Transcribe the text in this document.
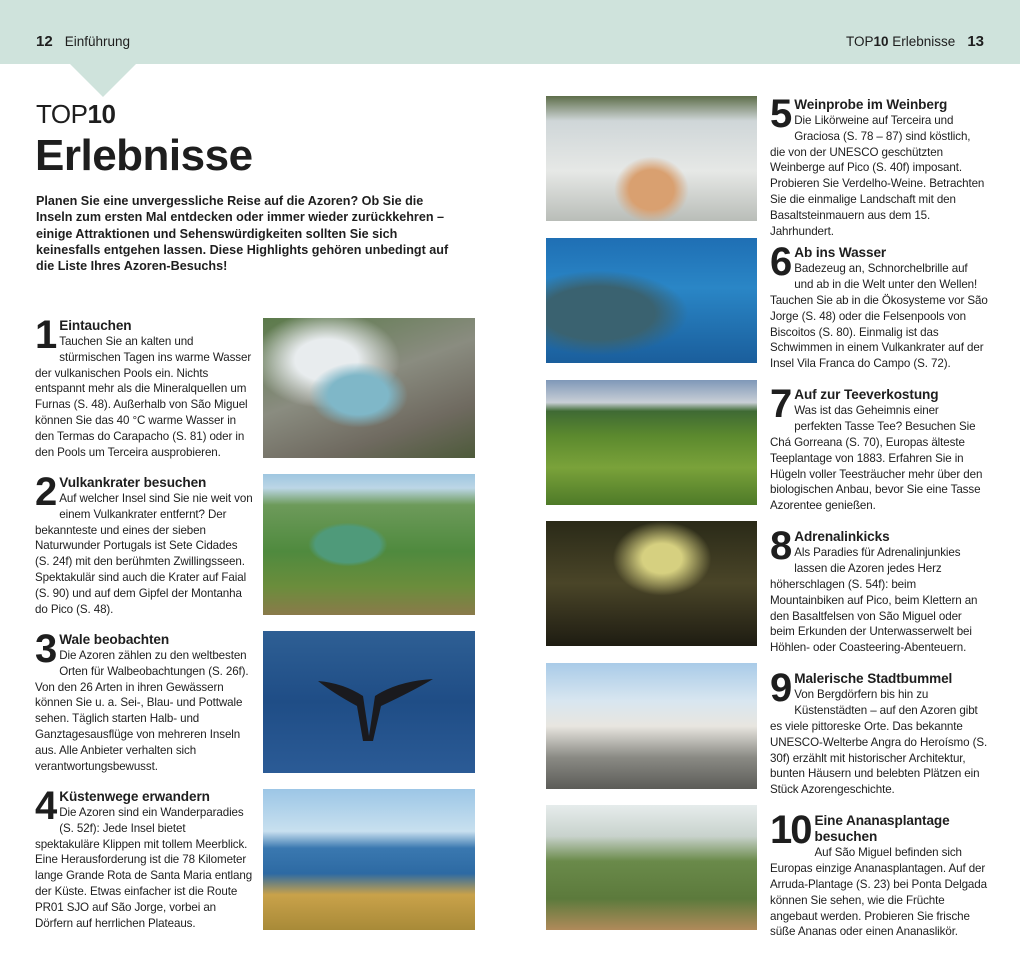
12 Einführung	TOP10 Erlebnisse 13
TOP10
Erlebnisse
Planen Sie eine unvergessliche Reise auf die Azoren? Ob Sie die Inseln zum ersten Mal entdecken oder immer wieder zurückkehren – einige Attraktionen und Sehenswürdigkeiten sollten Sie sich keinesfalls entgehen lassen. Diese Highlights gehören unbedingt auf die Liste Ihres Azoren-Besuchs!
1 Eintauchen
Tauchen Sie an kalten und stürmischen Tagen ins warme Wasser der vulkanischen Pools ein. Nichts entspannt mehr als die Mineralquellen um Furnas (S. 48). Außerhalb von São Miguel können Sie das 40 °C warme Wasser in den Termas do Carapacho (S. 81) oder in den Pools um Terceira ausprobieren.
2 Vulkankrater besuchen
Auf welcher Insel sind Sie nie weit von einem Vulkankrater entfernt? Der bekannteste und eines der sieben Naturwunder Portugals ist Sete Cidades (S. 24f) mit den berühmten Zwillingsseen. Spektakulär sind auch die Krater auf Faial (S. 90) und auf dem Gipfel der Montanha do Pico (S. 48).
3 Wale beobachten
Die Azoren zählen zu den weltbesten Orten für Walbeobachtungen (S. 26f). Von den 26 Arten in ihren Gewässern können Sie u. a. Sei-, Blau- und Pottwale sehen. Täglich starten Halb- und Ganztagesausflüge von mehreren Inseln aus. Alle Anbieter verhalten sich verantwortungsbewusst.
4 Küstenwege erwandern
Die Azoren sind ein Wanderparadies (S. 52f): Jede Insel bietet spektakuläre Klippen mit tollem Meerblick. Eine Herausforderung ist die 78 Kilometer lange Grande Rota de Santa Maria entlang der Küste. Etwas einfacher ist die Route PR01 SJO auf São Jorge, vorbei an Dörfern auf herrlichen Plateaus.
5 Weinprobe im Weinberg
Die Likörweine auf Terceira und Graciosa (S. 78 – 87) sind köstlich, die von der UNESCO geschützten Weinberge auf Pico (S. 40f) imposant. Probieren Sie Verdelho-Weine. Betrachten Sie die einmalige Landschaft mit den Basaltsteinmauern aus dem 15. Jahrhundert.
6 Ab ins Wasser
Badezeug an, Schnorchelbrille auf und ab in die Welt unter den Wellen! Tauchen Sie ab in die Ökosysteme vor São Jorge (S. 48) oder die Felsenpools von Biscoitos (S. 80). Einmalig ist das Schwimmen in einem Vulkankrater auf der Insel Vila Franca do Campo (S. 72).
7 Auf zur Teeverkostung
Was ist das Geheimnis einer perfekten Tasse Tee? Besuchen Sie Chá Gorreana (S. 70), Europas älteste Teeplantage von 1883. Erfahren Sie in Hügeln voller Teesträucher mehr über den biologischen Anbau, bevor Sie eine Tasse Azorentee genießen.
8 Adrenalinkicks
Als Paradies für Adrenalinjunkies lassen die Azoren jedes Herz höherschlagen (S. 54f): beim Mountainbiken auf Pico, beim Klettern an den Basaltfelsen von São Miguel oder beim Erkunden der Unterwasserwelt bei Höhlen- oder Coasteering-Abenteuern.
9 Malerische Stadtbummel
Von Bergdörfern bis hin zu Küstenstädten – auf den Azoren gibt es viele pittoreske Orte. Das bekannte UNESCO-Welterbe Angra do Heroísmo (S. 30f) erzählt mit historischer Architektur, bunten Häusern und belebten Plätzen ein Stück Azorengeschichte.
10 Eine Ananasplantage besuchen
Auf São Miguel befinden sich Europas einzige Ananasplantagen. Auf der Arruda-Plantage (S. 23) bei Ponta Delgada können Sie sehen, wie die Früchte angebaut werden. Probieren Sie frische süße Ananas oder einen Ananaslikör.
